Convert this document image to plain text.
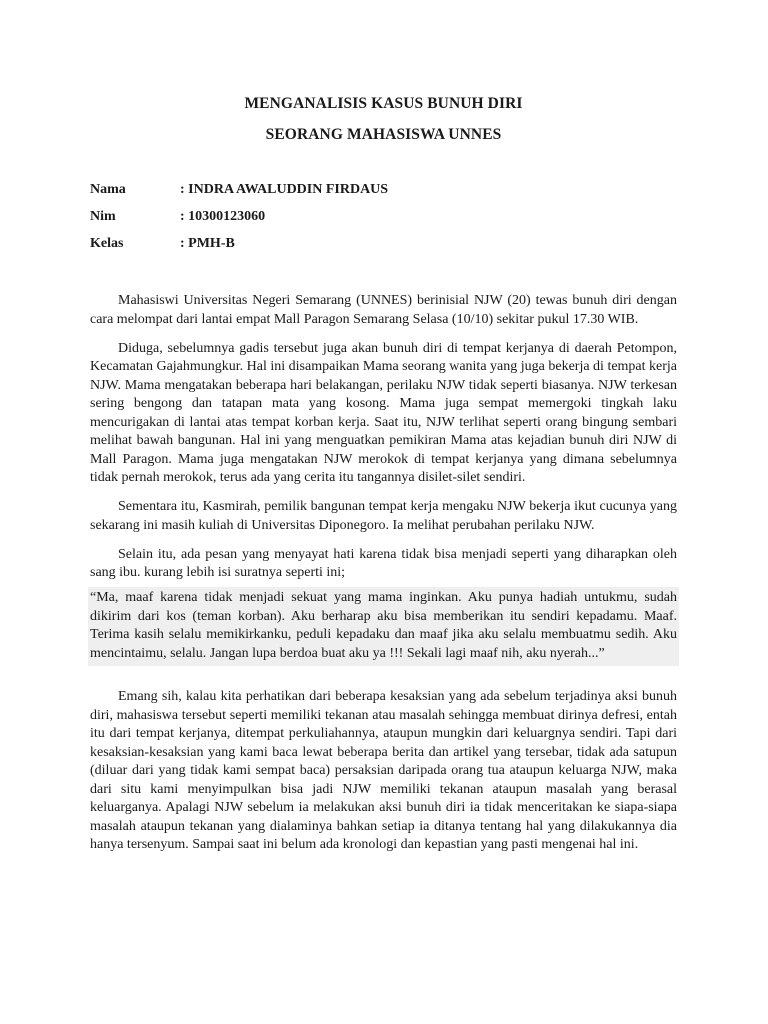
MENGANALISIS KASUS BUNUH DIRI
SEORANG MAHASISWA UNNES
Nama	: INDRA AWALUDDIN FIRDAUS
Nim	: 10300123060
Kelas	: PMH-B

Mahasiswi Universitas Negeri Semarang (UNNES) berinisial NJW (20) tewas bunuh diri dengan cara melompat dari lantai empat Mall Paragon Semarang Selasa (10/10) sekitar pukul 17.30 WIB.

Diduga, sebelumnya gadis tersebut juga akan bunuh diri di tempat kerjanya di daerah Petompon, Kecamatan Gajahmungkur. Hal ini disampaikan Mama seorang wanita yang juga bekerja di tempat kerja NJW. Mama mengatakan beberapa hari belakangan, perilaku NJW tidak seperti biasanya. NJW terkesan sering bengong dan tatapan mata yang kosong. Mama juga sempat memergoki tingkah laku mencurigakan di lantai atas tempat korban kerja. Saat itu, NJW terlihat seperti orang bingung sembari melihat bawah bangunan. Hal ini yang menguatkan pemikiran Mama atas kejadian bunuh diri NJW di Mall Paragon. Mama juga mengatakan NJW merokok di tempat kerjanya yang dimana sebelumnya tidak pernah merokok, terus ada yang cerita itu tangannya disilet-silet sendiri.

Sementara itu, Kasmirah, pemilik bangunan tempat kerja mengaku NJW bekerja ikut cucunya yang sekarang ini masih kuliah di Universitas Diponegoro. Ia melihat perubahan perilaku NJW.

Selain itu, ada pesan yang menyayat hati karena tidak bisa menjadi seperti yang diharapkan oleh sang ibu. kurang lebih isi suratnya seperti ini;

“Ma, maaf karena tidak menjadi sekuat yang mama inginkan. Aku punya hadiah untukmu, sudah dikirim dari kos (teman korban). Aku berharap aku bisa memberikan itu sendiri kepadamu. Maaf. Terima kasih selalu memikirkanku, peduli kepadaku dan maaf jika aku selalu membuatmu sedih. Aku mencintaimu, selalu. Jangan lupa berdoa buat aku ya !!! Sekali lagi maaf nih, aku nyerah...”

Emang sih, kalau kita perhatikan dari beberapa kesaksian yang ada sebelum terjadinya aksi bunuh diri, mahasiswa tersebut seperti memiliki tekanan atau masalah sehingga membuat dirinya defresi, entah itu dari tempat kerjanya, ditempat perkuliahannya, ataupun mungkin dari keluargnya sendiri. Tapi dari kesaksian-kesaksian yang kami baca lewat beberapa berita dan artikel yang tersebar, tidak ada satupun (diluar dari yang tidak kami sempat baca) persaksian daripada orang tua ataupun keluarga NJW, maka dari situ kami menyimpulkan bisa jadi NJW memiliki tekanan ataupun masalah yang berasal keluarganya. Apalagi NJW sebelum ia melakukan aksi bunuh diri ia tidak menceritakan ke siapa-siapa masalah ataupun tekanan yang dialaminya bahkan setiap ia ditanya tentang hal yang dilakukannya dia hanya tersenyum. Sampai saat ini belum ada kronologi dan kepastian yang pasti mengenai hal ini.
